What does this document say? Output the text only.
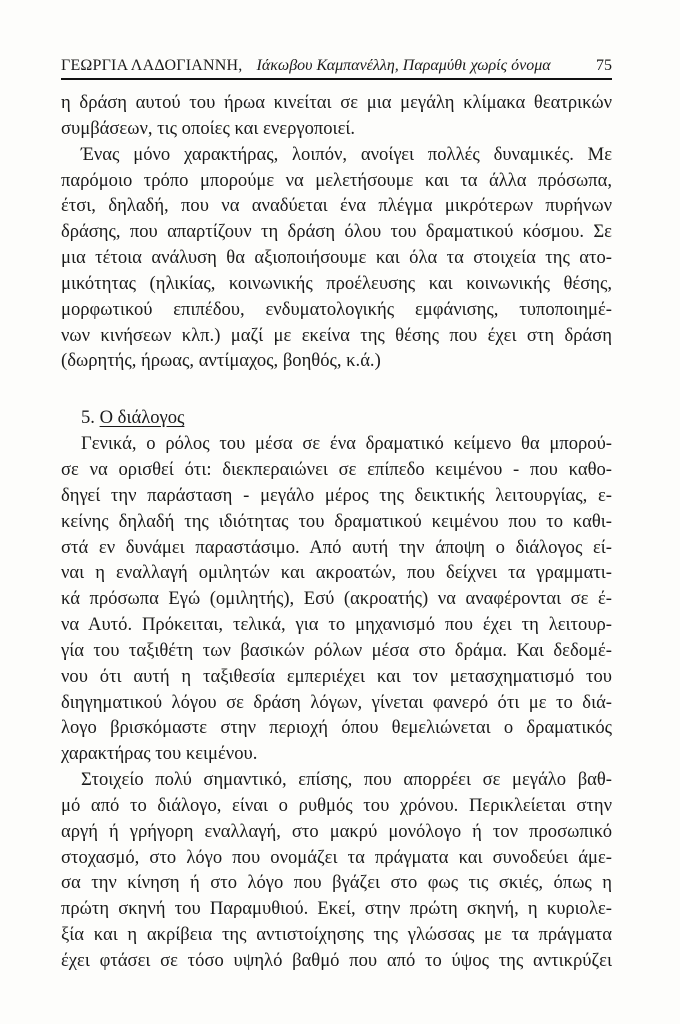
ΓΕΩΡΓΙΑ ΛΑΔΟΓΙΑΝΝΗ, Ιάκωβου Καμπανέλλη, Παραμύθι χωρίς όνομα	75
η δράση αυτού του ήρωα κινείται σε μια μεγάλη κλίμακα θεατρικών
συμβάσεων, τις οποίες και ενεργοποιεί.
Ένας μόνο χαρακτήρας, λοιπόν, ανοίγει πολλές δυναμικές. Με
παρόμοιο τρόπο μπορούμε να μελετήσουμε και τα άλλα πρόσωπα,
έτσι, δηλαδή, που να αναδύεται ένα πλέγμα μικρότερων πυρήνων
δράσης, που απαρτίζουν τη δράση όλου του δραματικού κόσμου. Σε
μια τέτοια ανάλυση θα αξιοποιήσουμε και όλα τα στοιχεία της ατο-
μικότητας (ηλικίας, κοινωνικής προέλευσης και κοινωνικής θέσης,
μορφωτικού επιπέδου, ενδυματολογικής εμφάνισης, τυποποιημέ-
νων κινήσεων κλπ.) μαζί με εκείνα της θέσης που έχει στη δράση
(δωρητής, ήρωας, αντίμαχος, βοηθός, κ.ά.)
5. Ο διάλογος
Γενικά, ο ρόλος του μέσα σε ένα δραματικό κείμενο θα μπορού-
σε να ορισθεί ότι: διεκπεραιώνει σε επίπεδο κειμένου - που καθο-
δηγεί την παράσταση - μεγάλο μέρος της δεικτικής λειτουργίας, ε-
κείνης δηλαδή της ιδιότητας του δραματικού κειμένου που το καθι-
στά εν δυνάμει παραστάσιμο. Από αυτή την άποψη ο διάλογος εί-
ναι η εναλλαγή ομιλητών και ακροατών, που δείχνει τα γραμματι-
κά πρόσωπα Εγώ (ομιλητής), Εσύ (ακροατής) να αναφέρονται σε έ-
να Αυτό. Πρόκειται, τελικά, για το μηχανισμό που έχει τη λειτουρ-
γία του ταξιθέτη των βασικών ρόλων μέσα στο δράμα. Και δεδομέ-
νου ότι αυτή η ταξιθεσία εμπεριέχει και τον μετασχηματισμό του
διηγηματικού λόγου σε δράση λόγων, γίνεται φανερό ότι με το διά-
λογο βρισκόμαστε στην περιοχή όπου θεμελιώνεται ο δραματικός
χαρακτήρας του κειμένου.
Στοιχείο πολύ σημαντικό, επίσης, που απορρέει σε μεγάλο βαθ-
μό από το διάλογο, είναι ο ρυθμός του χρόνου. Περικλείεται στην
αργή ή γρήγορη εναλλαγή, στο μακρύ μονόλογο ή τον προσωπικό
στοχασμό, στο λόγο που ονομάζει τα πράγματα και συνοδεύει άμε-
σα την κίνηση ή στο λόγο που βγάζει στο φως τις σκιές, όπως η
πρώτη σκηνή του Παραμυθιού. Εκεί, στην πρώτη σκηνή, η κυριολε-
ξία και η ακρίβεια της αντιστοίχησης της γλώσσας με τα πράγματα
έχει φτάσει σε τόσο υψηλό βαθμό που από το ύψος της αντικρύζει
